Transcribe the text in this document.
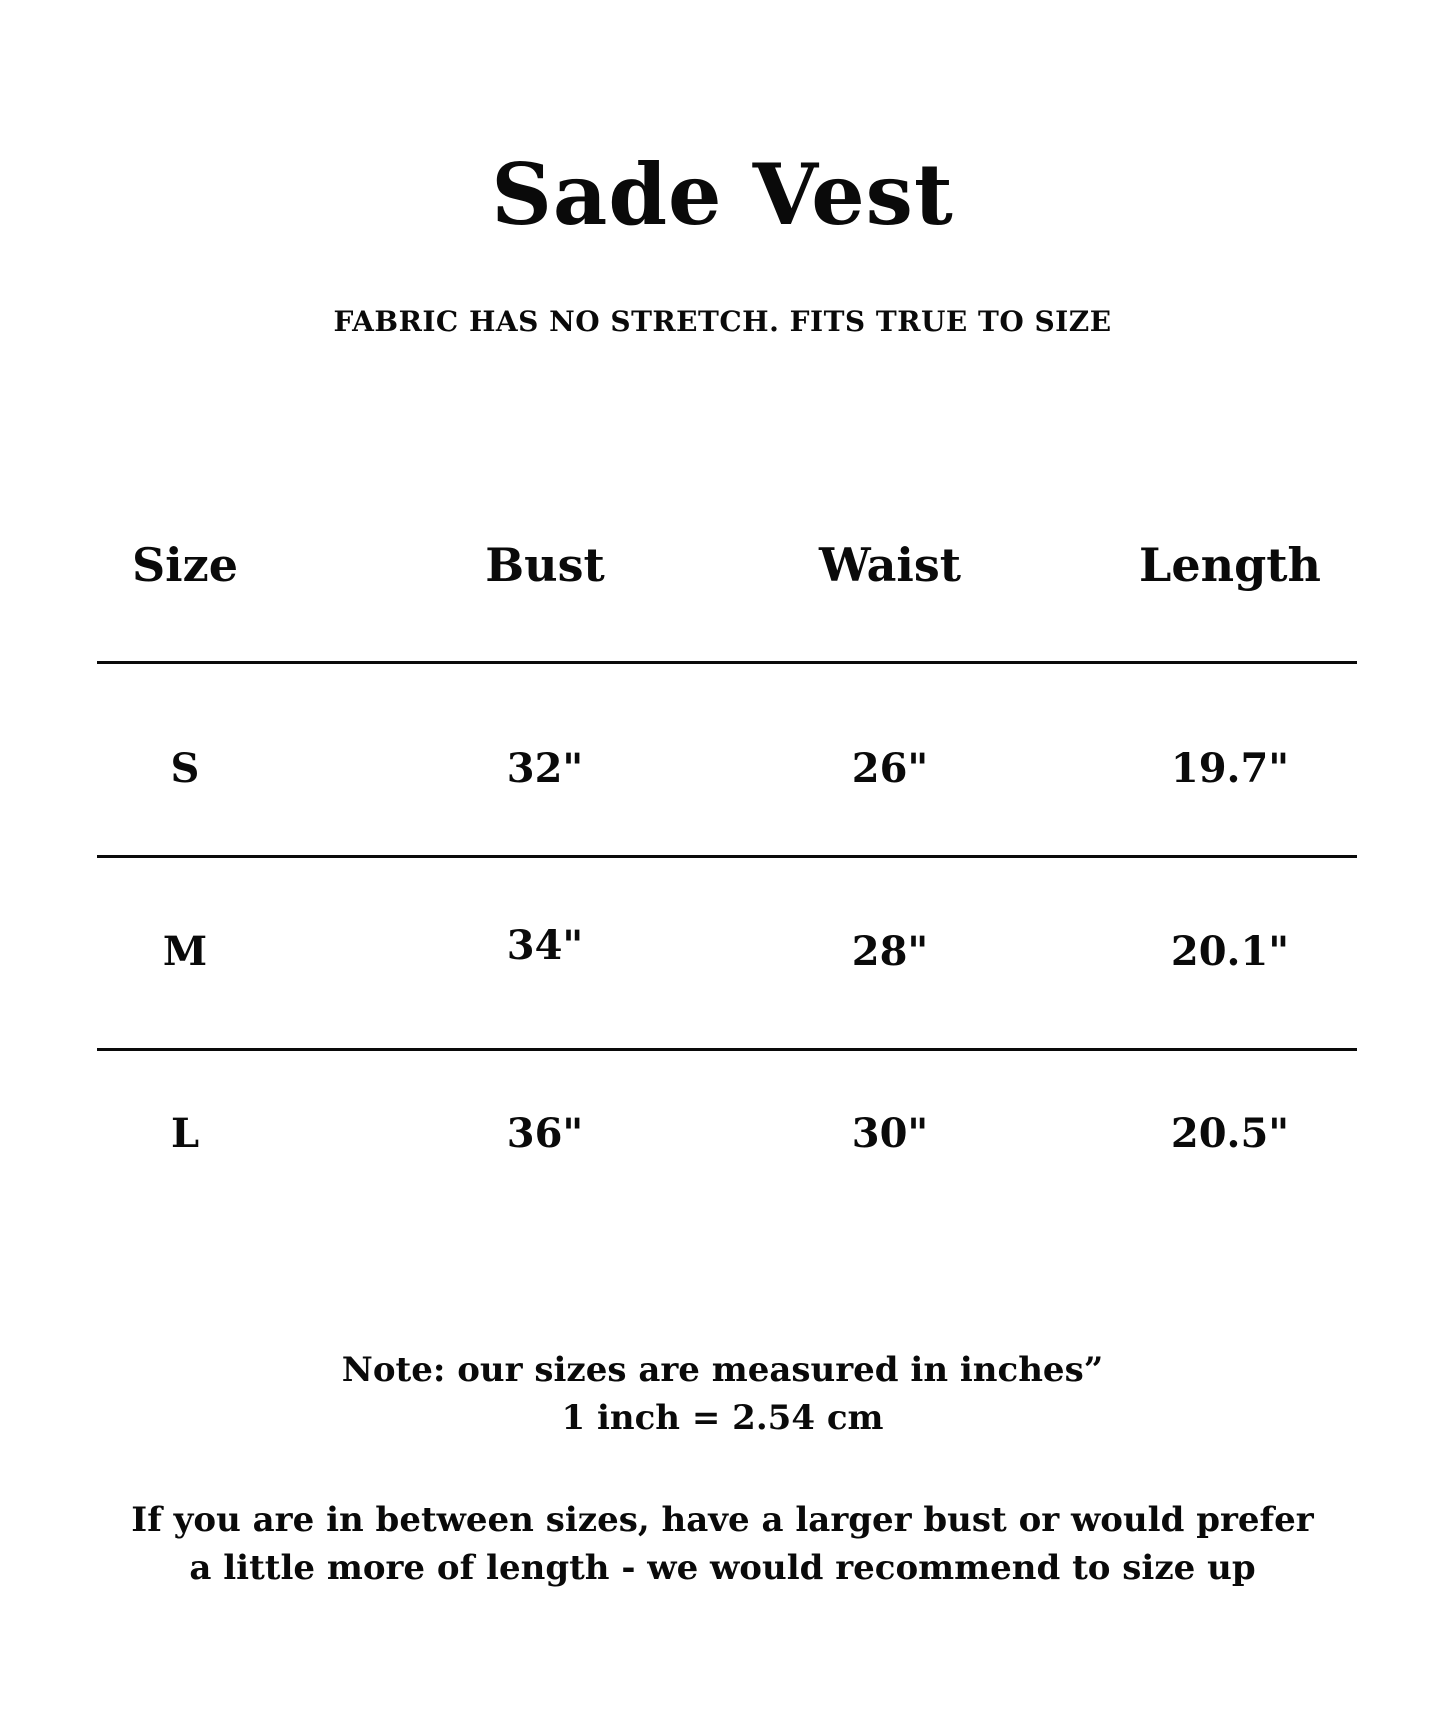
Sade Vest
FABRIC HAS NO STRETCH. FITS TRUE TO SIZE
Size	Bust	Waist	Length
S	32"	26"	19.7"
M	34"	28"	20.1"
L	36"	30"	20.5"
Note: our sizes are measured in inches”
1 inch = 2.54 cm
If you are in between sizes, have a larger bust or would prefer
a little more of length - we would recommend to size up
